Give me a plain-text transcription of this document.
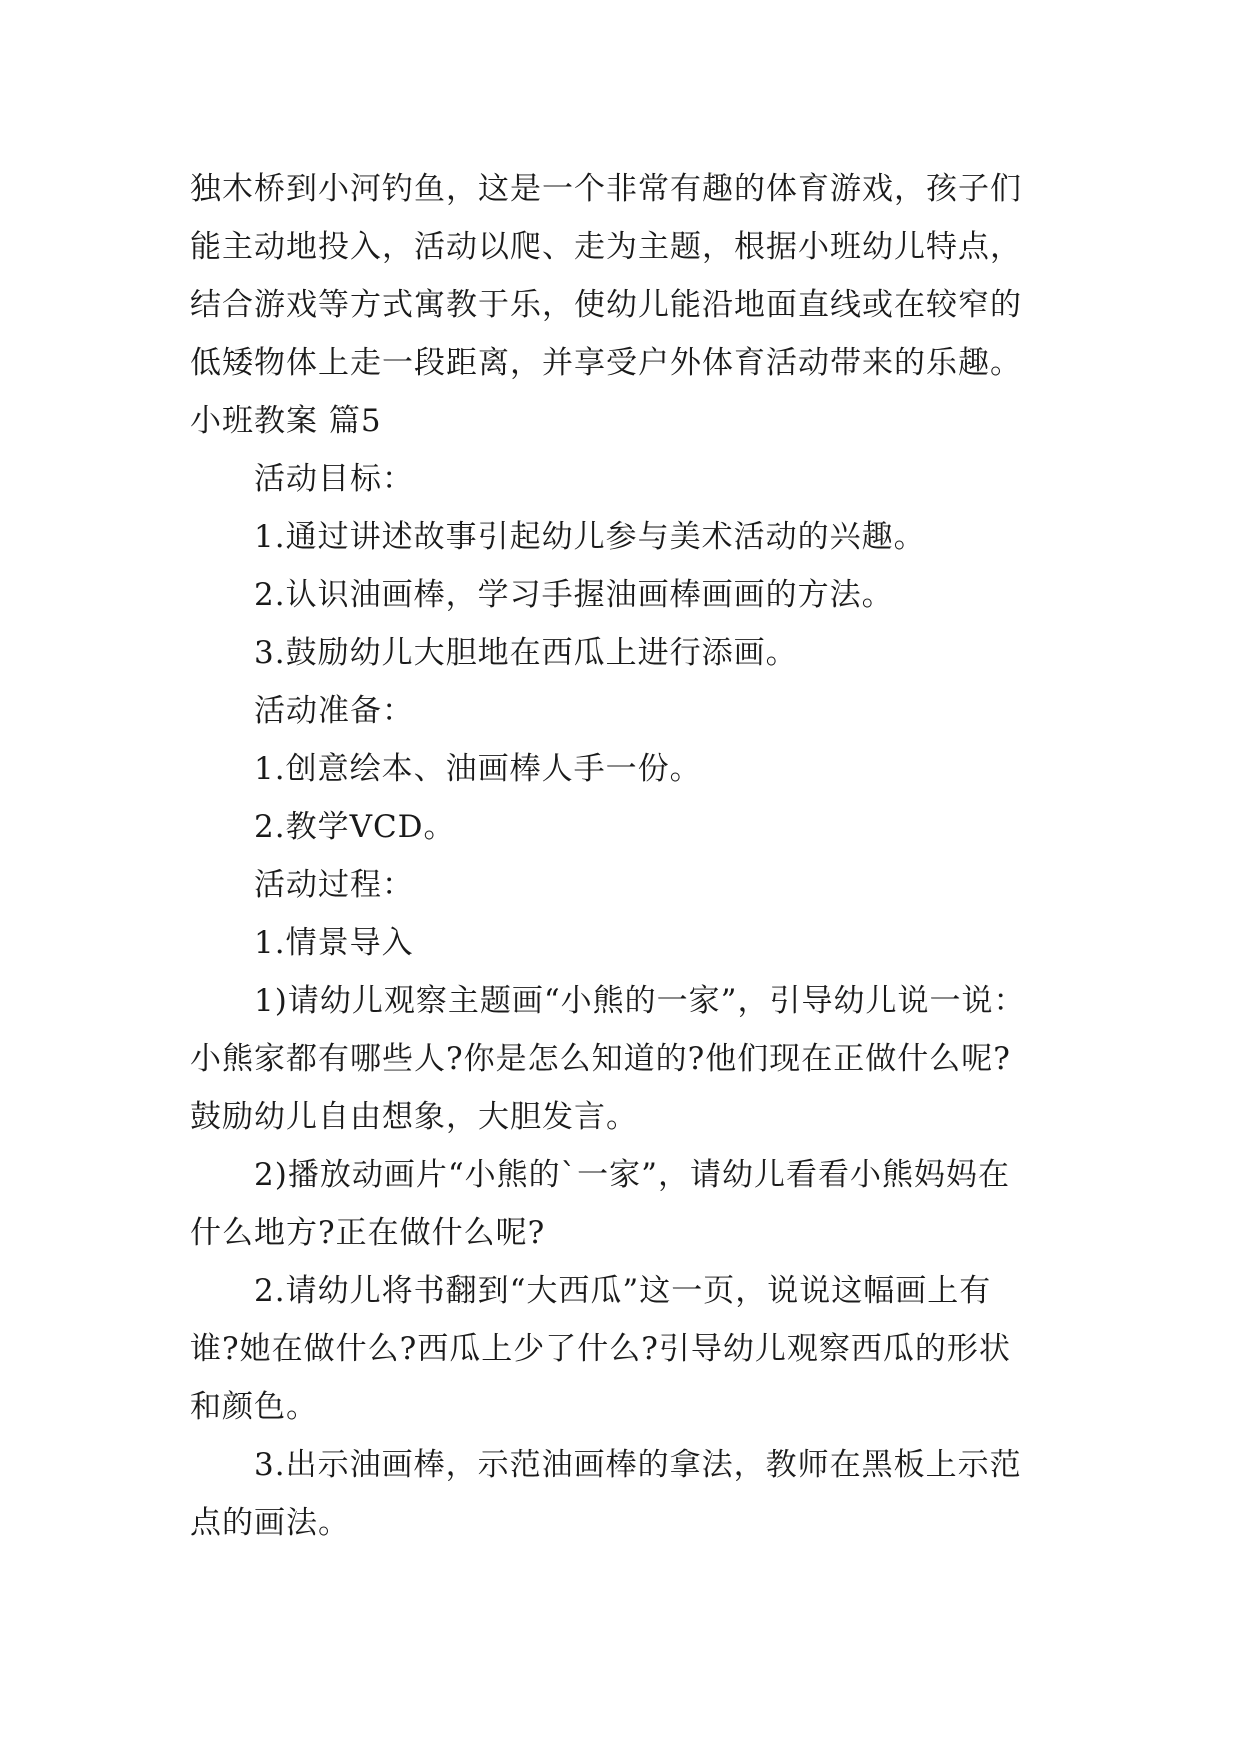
独木桥到小河钓鱼，这是一个非常有趣的体育游戏，孩子们
能主动地投入，活动以爬、走为主题，根据小班幼儿特点，
结合游戏等方式寓教于乐，使幼儿能沿地面直线或在较窄的
低矮物体上走一段距离，并享受户外体育活动带来的乐趣。

小班教案 篇5

活动目标：

1.通过讲述故事引起幼儿参与美术活动的兴趣。

2.认识油画棒，学习手握油画棒画画的方法。

3.鼓励幼儿大胆地在西瓜上进行添画。

活动准备：

1.创意绘本、油画棒人手一份。

2.教学VCD。

活动过程：

1.情景导入

1)请幼儿观察主题画“小熊的一家”，引导幼儿说一说：
小熊家都有哪些人?你是怎么知道的?他们现在正做什么呢?
鼓励幼儿自由想象，大胆发言。

2)播放动画片“小熊的`一家”，请幼儿看看小熊妈妈在
什么地方?正在做什么呢?

2.请幼儿将书翻到“大西瓜”这一页，说说这幅画上有
谁?她在做什么?西瓜上少了什么?引导幼儿观察西瓜的形状
和颜色。

3.出示油画棒，示范油画棒的拿法，教师在黑板上示范
点的画法。
